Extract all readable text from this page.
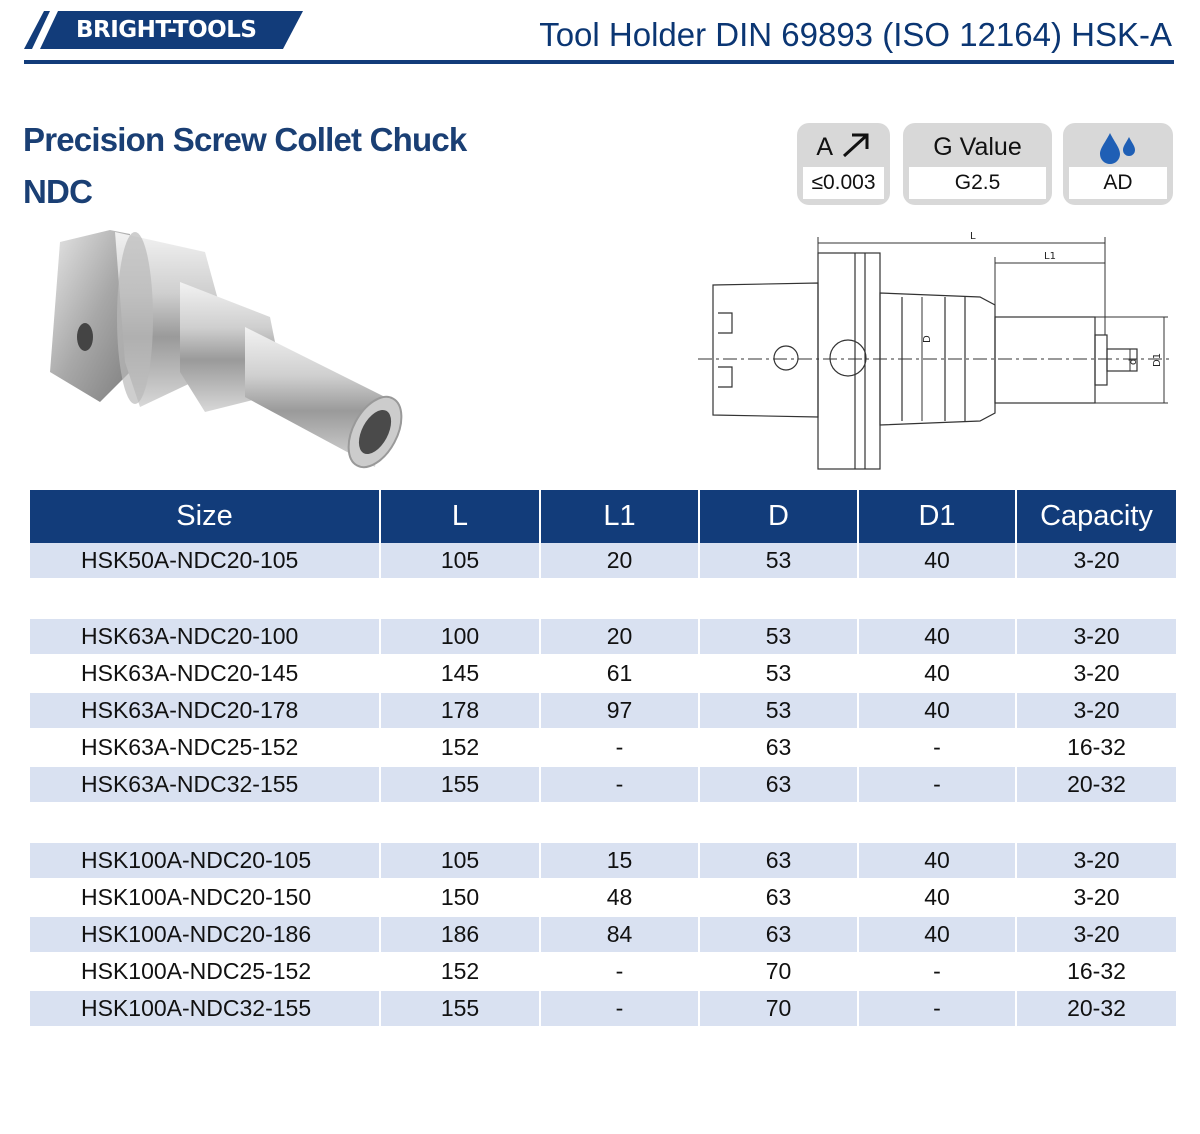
BRIGHT-TOOLS	Tool Holder DIN 69893 (ISO 12164) HSK-A
Precision Screw Collet Chuck
NDC
A
≤0.003
G Value
G2.5	AD
L
L1
D
d D1
Size	L	L1	D	D1	Capacity
HSK50A-NDC20-105	105	20	53	40	3-20

HSK63A-NDC20-100	100	20	53	40	3-20
HSK63A-NDC20-145	145	61	53	40	3-20
HSK63A-NDC20-178	178	97	53	40	3-20
HSK63A-NDC25-152	152	-	63	-	16-32
HSK63A-NDC32-155	155	-	63	-	20-32

HSK100A-NDC20-105	105	15	63	40	3-20
HSK100A-NDC20-150	150	48	63	40	3-20
HSK100A-NDC20-186	186	84	63	40	3-20
HSK100A-NDC25-152	152	-	70	-	16-32
HSK100A-NDC32-155	155	-	70	-	20-32
